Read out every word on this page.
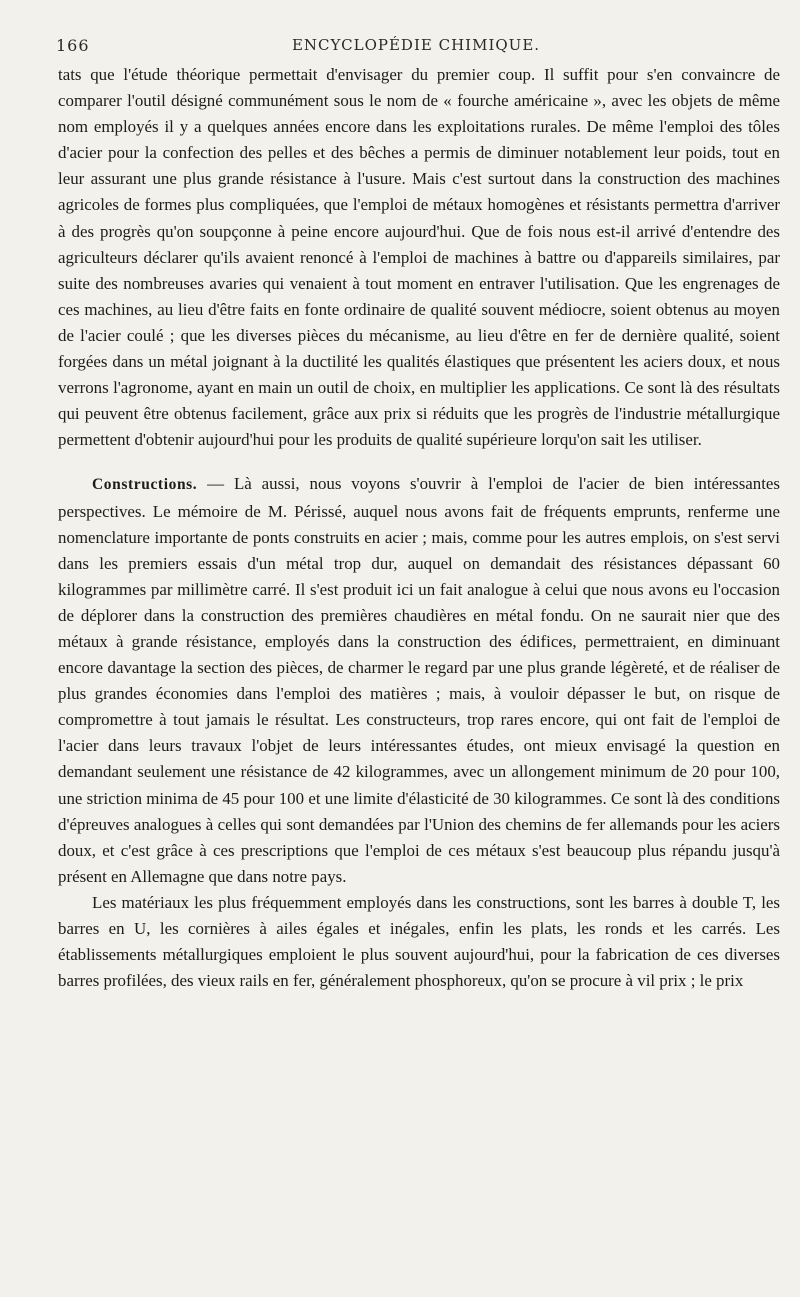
166	ENCYCLOPÉDIE CHIMIQUE.

tats que l'étude théorique permettait d'envisager du premier coup. Il suffit pour s'en convaincre de comparer l'outil désigné communément sous le nom de « fourche américaine », avec les objets de même nom employés il y a quelques années encore dans les exploitations rurales. De même l'emploi des tôles d'acier pour la confection des pelles et des bêches a permis de diminuer notablement leur poids, tout en leur assurant une plus grande résistance à l'usure. Mais c'est surtout dans la construction des machines agricoles de formes plus compliquées, que l'emploi de métaux homogènes et résistants permettra d'arriver à des progrès qu'on soupçonne à peine encore aujourd'hui. Que de fois nous est-il arrivé d'entendre des agriculteurs déclarer qu'ils avaient renoncé à l'emploi de machines à battre ou d'appareils similaires, par suite des nombreuses avaries qui venaient à tout moment en entraver l'utilisation. Que les engrenages de ces machines, au lieu d'être faits en fonte ordinaire de qualité souvent médiocre, soient obtenus au moyen de l'acier coulé ; que les diverses pièces du mécanisme, au lieu d'être en fer de dernière qualité, soient forgées dans un métal joignant à la ductilité les qualités élastiques que présentent les aciers doux, et nous verrons l'agronome, ayant en main un outil de choix, en multiplier les applications. Ce sont là des résultats qui peuvent être obtenus facilement, grâce aux prix si réduits que les progrès de l'industrie métallurgique permettent d'obtenir aujourd'hui pour les produits de qualité supérieure lorqu'on sait les utiliser.

Constructions. — Là aussi, nous voyons s'ouvrir à l'emploi de l'acier de bien intéressantes perspectives. Le mémoire de M. Périssé, auquel nous avons fait de fréquents emprunts, renferme une nomenclature importante de ponts construits en acier ; mais, comme pour les autres emplois, on s'est servi dans les premiers essais d'un métal trop dur, auquel on demandait des résistances dépassant 60 kilogrammes par millimètre carré. Il s'est produit ici un fait analogue à celui que nous avons eu l'occasion de déplorer dans la construction des premières chaudières en métal fondu. On ne saurait nier que des métaux à grande résistance, employés dans la construction des édifices, permettraient, en diminuant encore davantage la section des pièces, de charmer le regard par une plus grande légèreté, et de réaliser de plus grandes économies dans l'emploi des matières ; mais, à vouloir dépasser le but, on risque de compromettre à tout jamais le résultat. Les constructeurs, trop rares encore, qui ont fait de l'emploi de l'acier dans leurs travaux l'objet de leurs intéressantes études, ont mieux envisagé la question en demandant seulement une résistance de 42 kilogrammes, avec un allongement minimum de 20 pour 100, une striction minima de 45 pour 100 et une limite d'élasticité de 30 kilogrammes. Ce sont là des conditions d'épreuves analogues à celles qui sont demandées par l'Union des chemins de fer allemands pour les aciers doux, et c'est grâce à ces prescriptions que l'emploi de ces métaux s'est beaucoup plus répandu jusqu'à présent en Allemagne que dans notre pays.

Les matériaux les plus fréquemment employés dans les constructions, sont les barres à double T, les barres en U, les cornières à ailes égales et inégales, enfin les plats, les ronds et les carrés. Les établissements métallurgiques emploient le plus souvent aujourd'hui, pour la fabrication de ces diverses barres profilées, des vieux rails en fer, généralement phosphoreux, qu'on se procure à vil prix ; le prix
